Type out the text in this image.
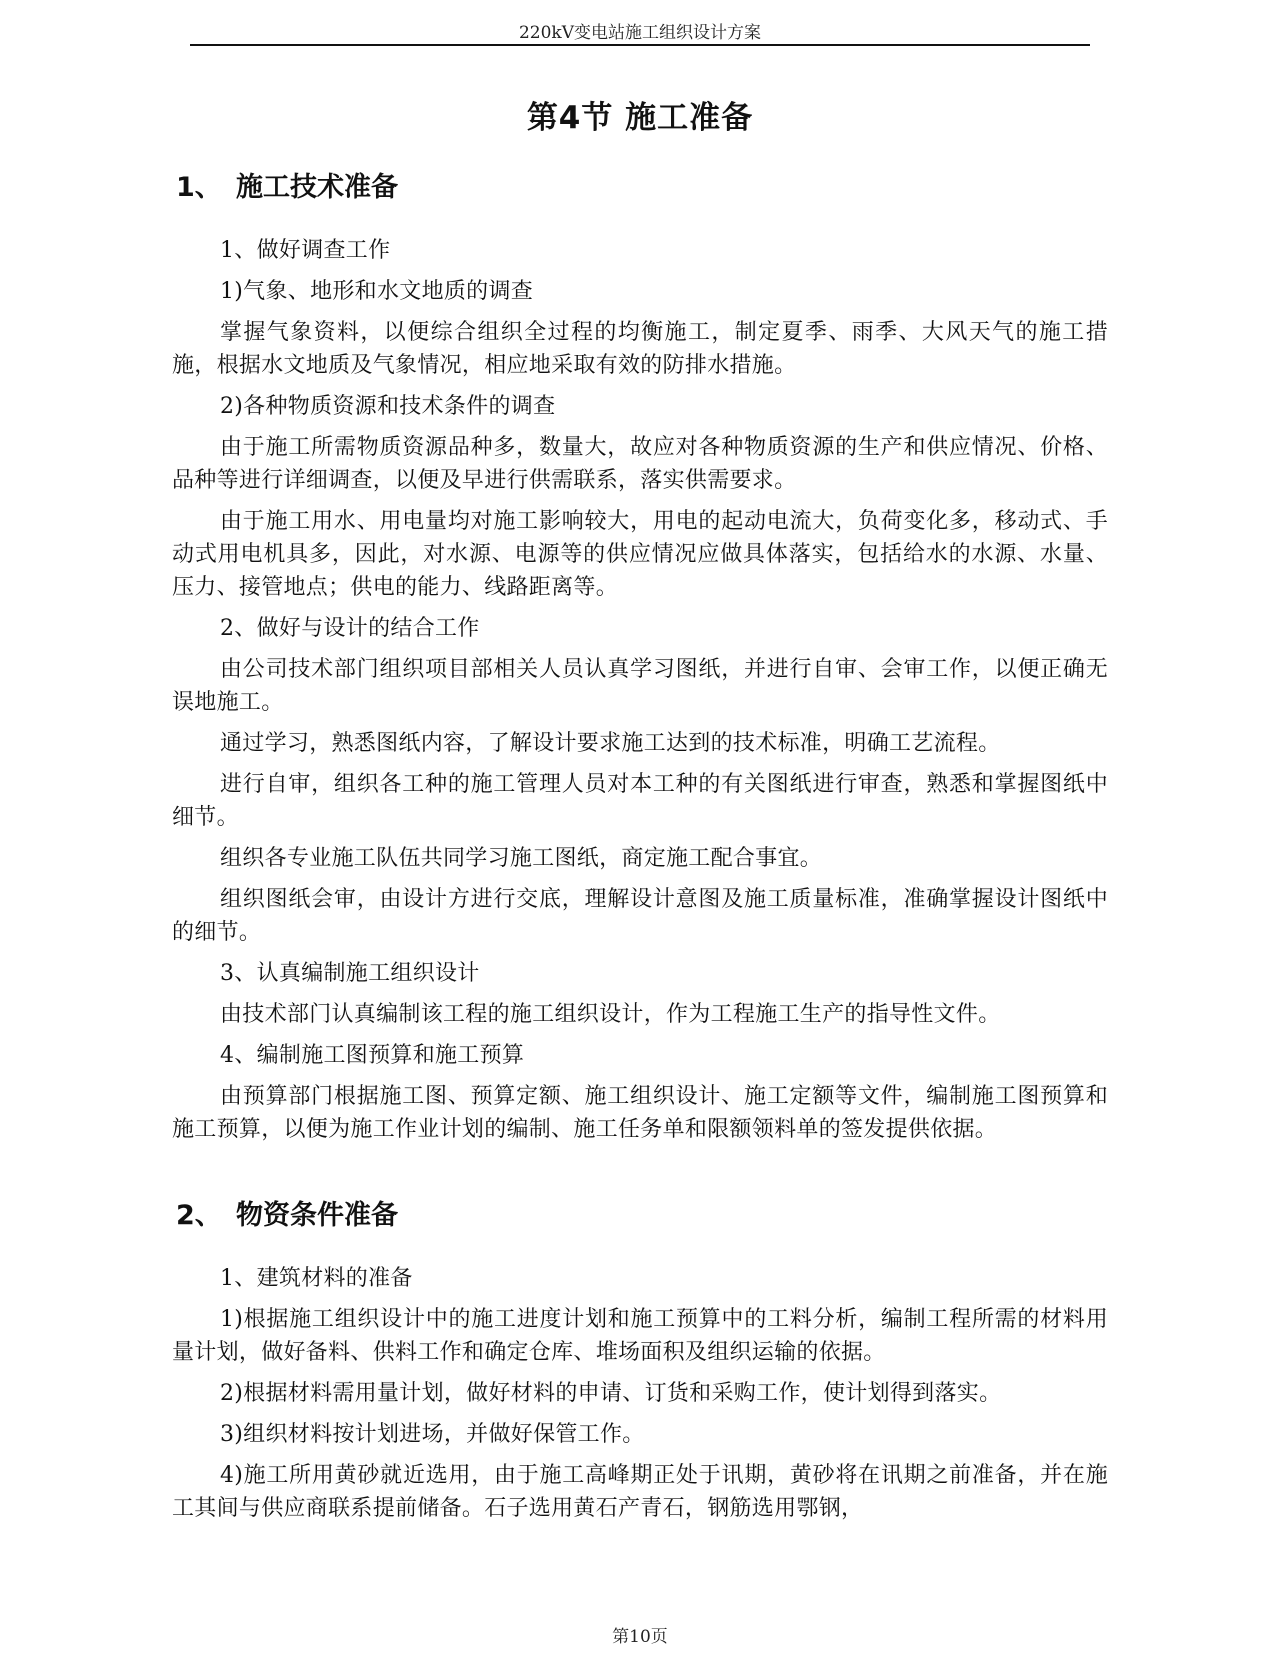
220kV变电站施工组织设计方案
第4节 施工准备
1、 施工技术准备
1、做好调查工作
1)气象、地形和水文地质的调查
掌握气象资料，以便综合组织全过程的均衡施工，制定夏季、雨季、大风天气的施工措施，根据水文地质及气象情况，相应地采取有效的防排水措施。
2)各种物质资源和技术条件的调查
由于施工所需物质资源品种多，数量大，故应对各种物质资源的生产和供应情况、价格、品种等进行详细调查，以便及早进行供需联系，落实供需要求。
由于施工用水、用电量均对施工影响较大，用电的起动电流大，负荷变化多，移动式、手动式用电机具多，因此，对水源、电源等的供应情况应做具体落实，包括给水的水源、水量、压力、接管地点；供电的能力、线路距离等。
2、做好与设计的结合工作
由公司技术部门组织项目部相关人员认真学习图纸，并进行自审、会审工作，以便正确无误地施工。
通过学习，熟悉图纸内容，了解设计要求施工达到的技术标准，明确工艺流程。
进行自审，组织各工种的施工管理人员对本工种的有关图纸进行审查，熟悉和掌握图纸中细节。
组织各专业施工队伍共同学习施工图纸，商定施工配合事宜。
组织图纸会审，由设计方进行交底，理解设计意图及施工质量标准，准确掌握设计图纸中的细节。
3、认真编制施工组织设计
由技术部门认真编制该工程的施工组织设计，作为工程施工生产的指导性文件。
4、编制施工图预算和施工预算
由预算部门根据施工图、预算定额、施工组织设计、施工定额等文件，编制施工图预算和施工预算，以便为施工作业计划的编制、施工任务单和限额领料单的签发提供依据。
2、 物资条件准备
1、建筑材料的准备
1)根据施工组织设计中的施工进度计划和施工预算中的工料分析，编制工程所需的材料用量计划，做好备料、供料工作和确定仓库、堆场面积及组织运输的依据。
2)根据材料需用量计划，做好材料的申请、订货和采购工作，使计划得到落实。
3)组织材料按计划进场，并做好保管工作。
4)施工所用黄砂就近选用，由于施工高峰期正处于讯期，黄砂将在讯期之前准备，并在施工其间与供应商联系提前储备。石子选用黄石产青石，钢筋选用鄂钢，
第10页
